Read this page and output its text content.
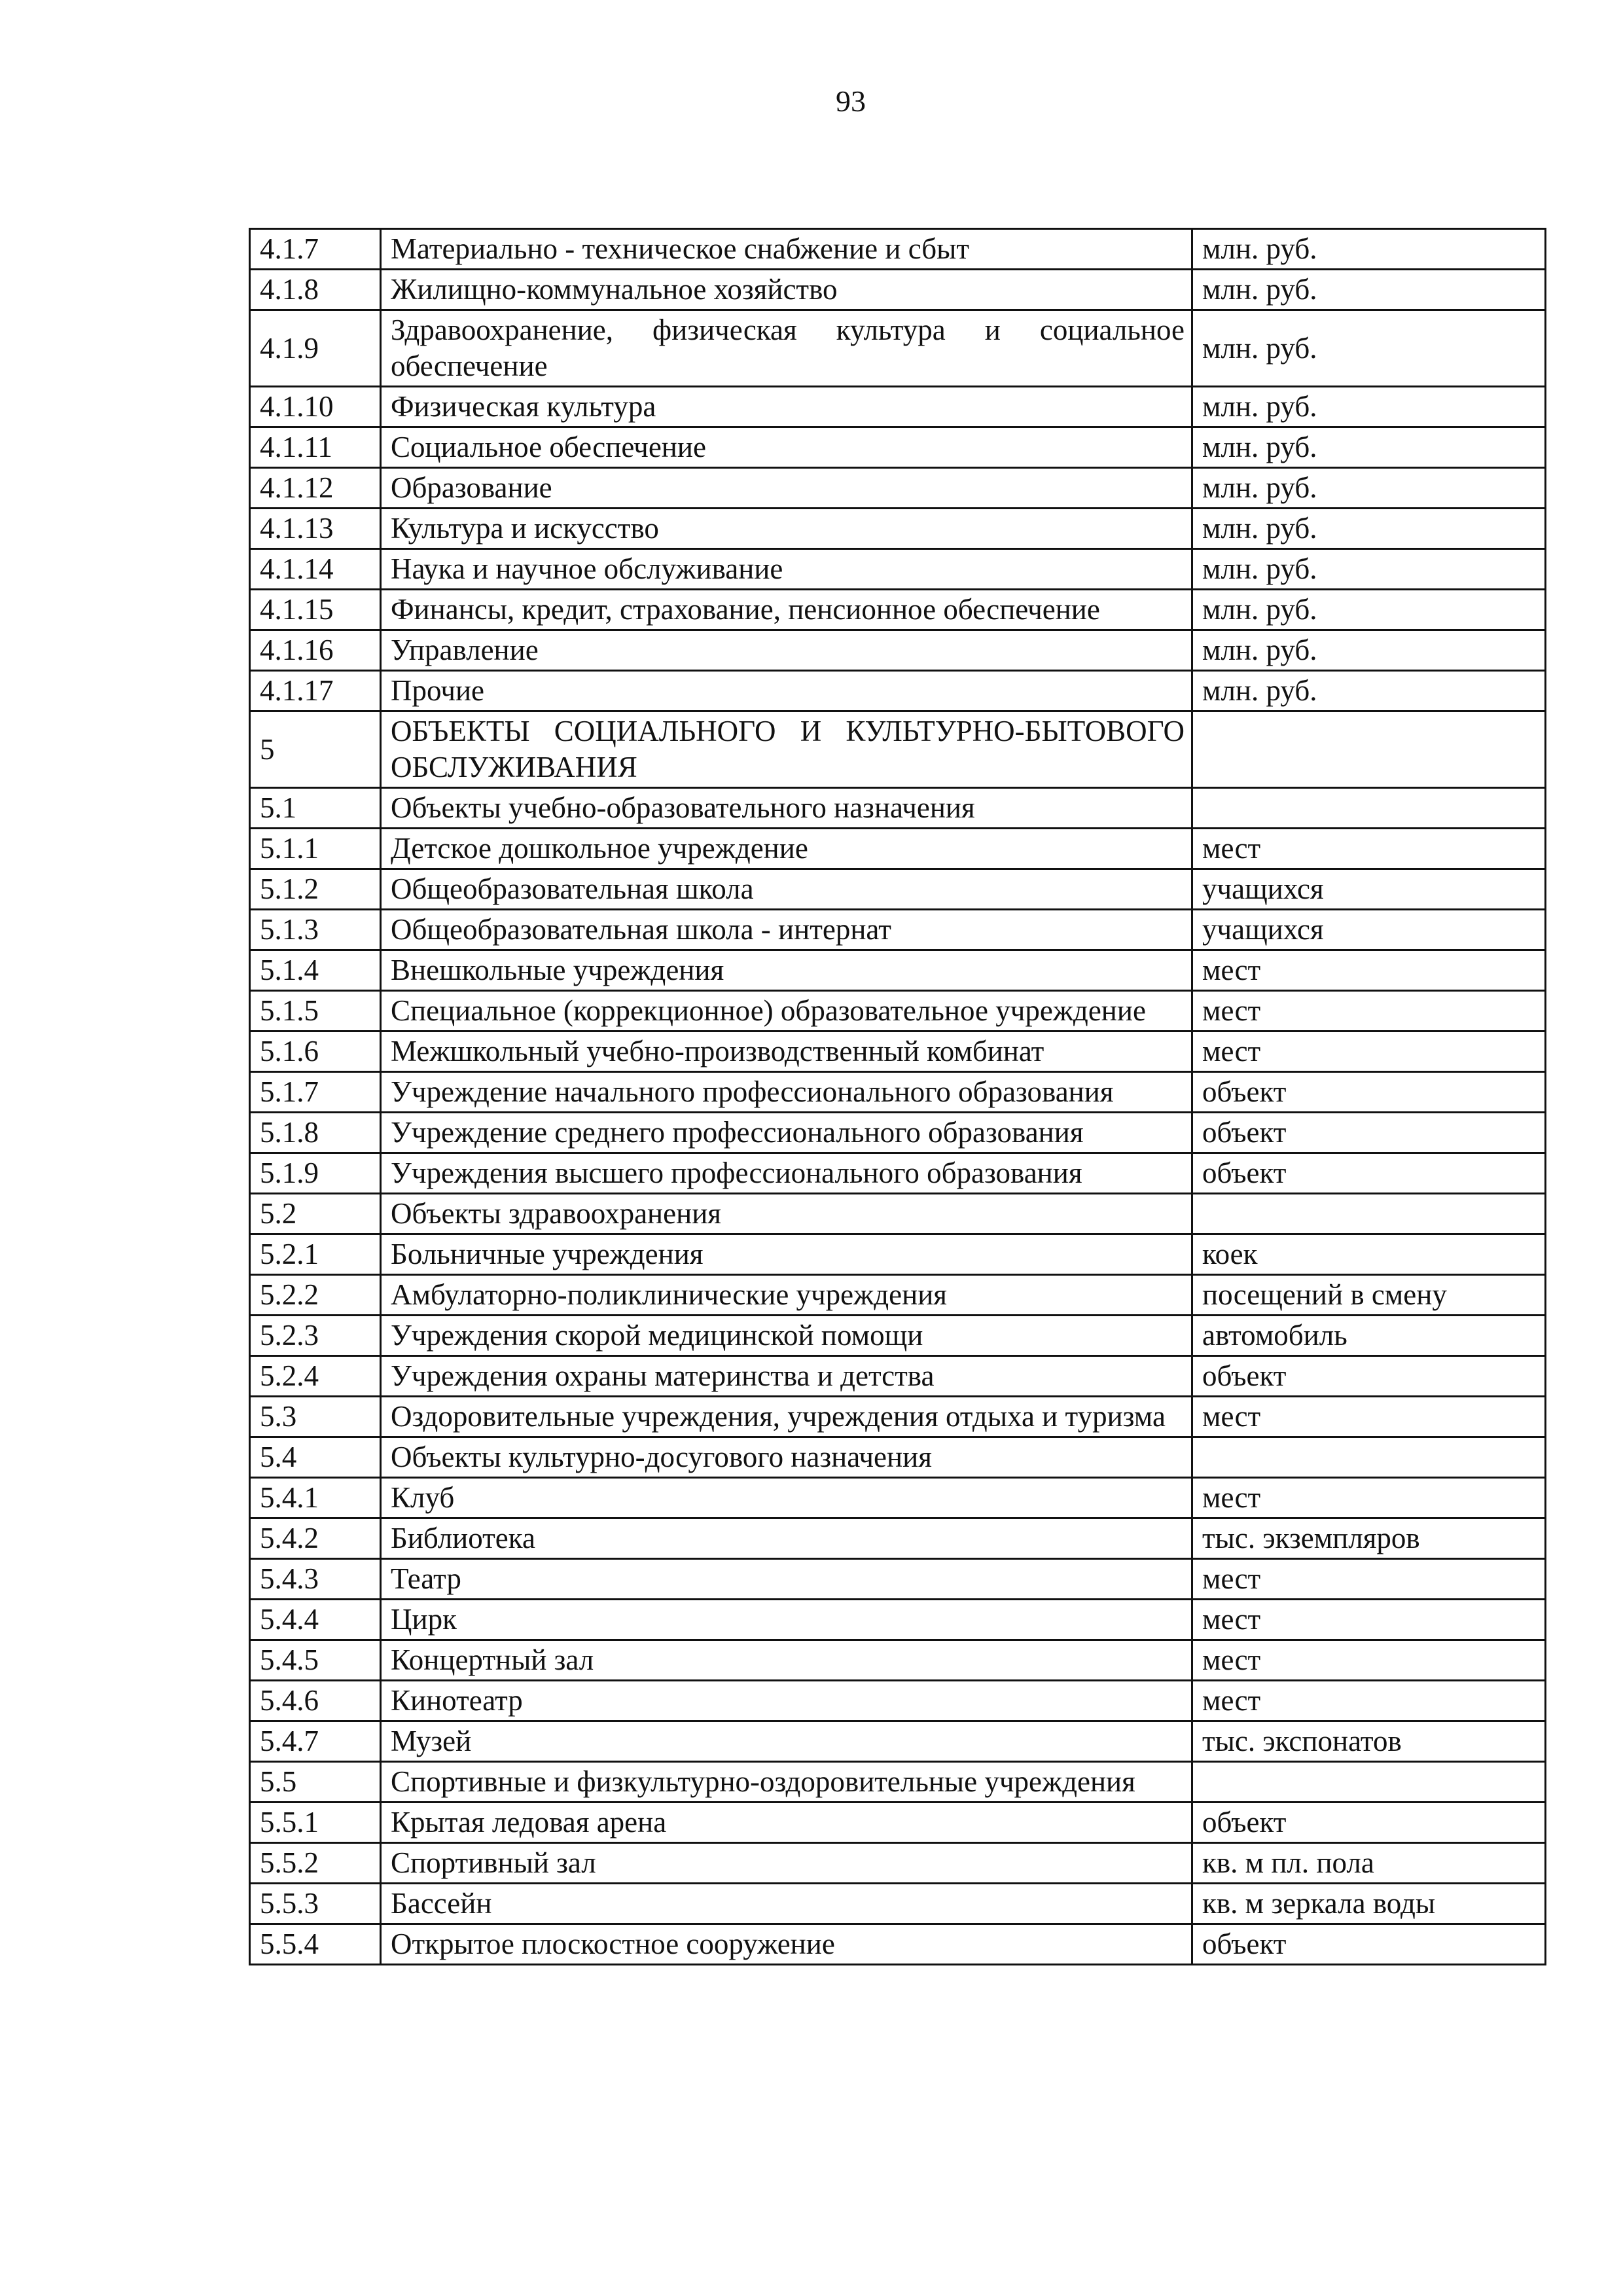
93
4.1.7	Материально - техническое снабжение и сбыт	млн. руб.
4.1.8	Жилищно-коммунальное хозяйство	млн. руб.
4.1.9	Здравоохранение, физическая культура и социальное обеспечение	млн. руб.
4.1.10	Физическая культура	млн. руб.
4.1.11	Социальное обеспечение	млн. руб.
4.1.12	Образование	млн. руб.
4.1.13	Культура и искусство	млн. руб.
4.1.14	Наука и научное обслуживание	млн. руб.
4.1.15	Финансы, кредит, страхование, пенсионное обеспечение	млн. руб.
4.1.16	Управление	млн. руб.
4.1.17	Прочие	млн. руб.
5	ОБЪЕКТЫ СОЦИАЛЬНОГО И КУЛЬТУРНО-БЫТОВОГО ОБСЛУЖИВАНИЯ	
5.1	Объекты учебно-образовательного назначения	
5.1.1	Детское дошкольное учреждение	мест
5.1.2	Общеобразовательная школа	учащихся
5.1.3	Общеобразовательная школа - интернат	учащихся
5.1.4	Внешкольные учреждения	мест
5.1.5	Специальное (коррекционное) образовательное учреждение	мест
5.1.6	Межшкольный учебно-производственный комбинат	мест
5.1.7	Учреждение начального профессионального образования	объект
5.1.8	Учреждение среднего профессионального образования	объект
5.1.9	Учреждения высшего профессионального образования	объект
5.2	Объекты здравоохранения	
5.2.1	Больничные учреждения	коек
5.2.2	Амбулаторно-поликлинические учреждения	посещений в смену
5.2.3	Учреждения скорой медицинской помощи	автомобиль
5.2.4	Учреждения охраны материнства и детства	объект
5.3	Оздоровительные учреждения, учреждения отдыха и туризма	мест
5.4	Объекты культурно-досугового назначения	
5.4.1	Клуб	мест
5.4.2	Библиотека	тыс. экземпляров
5.4.3	Театр	мест
5.4.4	Цирк	мест
5.4.5	Концертный зал	мест
5.4.6	Кинотеатр	мест
5.4.7	Музей	тыс. экспонатов
5.5	Спортивные и физкультурно-оздоровительные учреждения	
5.5.1	Крытая ледовая арена	объект
5.5.2	Спортивный зал	кв. м пл. пола
5.5.3	Бассейн	кв. м зеркала воды
5.5.4	Открытое плоскостное сооружение	объект
